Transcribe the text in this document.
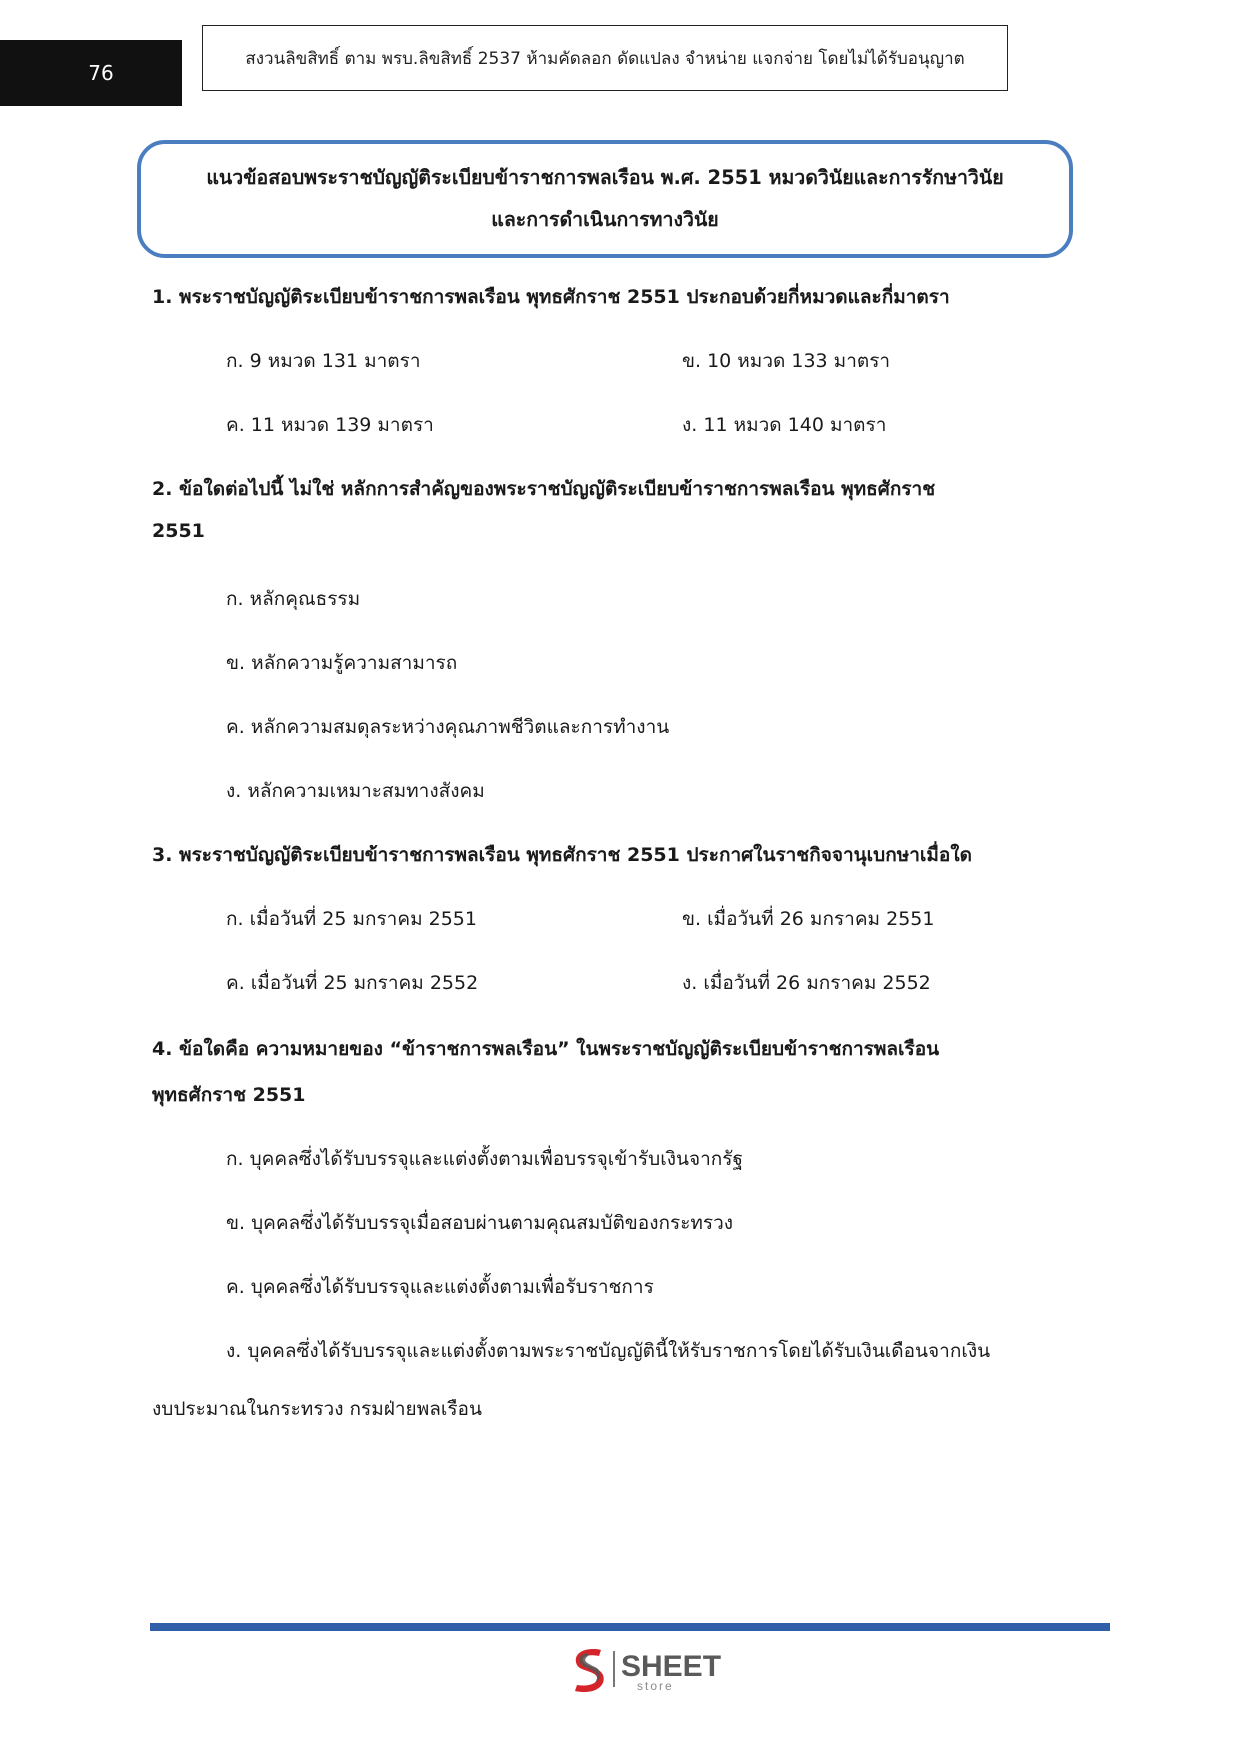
76
สงวนลิขสิทธิ์ ตาม พรบ.ลิขสิทธิ์ 2537 ห้ามคัดลอก ดัดแปลง จำหน่าย แจกจ่าย โดยไม่ได้รับอนุญาต
แนวข้อสอบพระราชบัญญัติระเบียบข้าราชการพลเรือน พ.ศ. 2551 หมวดวินัยและการรักษาวินัย
และการดำเนินการทางวินัย
1. พระราชบัญญัติระเบียบข้าราชการพลเรือน พุทธศักราช 2551 ประกอบด้วยกี่หมวดและกี่มาตรา
ก. 9 หมวด 131 มาตรา	ข. 10 หมวด 133 มาตรา
ค. 11 หมวด 139 มาตรา	ง. 11 หมวด 140 มาตรา
2. ข้อใดต่อไปนี้ ไม่ใช่ หลักการสำคัญของพระราชบัญญัติระเบียบข้าราชการพลเรือน พุทธศักราช
2551
ก. หลักคุณธรรม
ข. หลักความรู้ความสามารถ
ค. หลักความสมดุลระหว่างคุณภาพชีวิตและการทำงาน
ง. หลักความเหมาะสมทางสังคม
3. พระราชบัญญัติระเบียบข้าราชการพลเรือน พุทธศักราช 2551 ประกาศในราชกิจจานุเบกษาเมื่อใด
ก. เมื่อวันที่ 25 มกราคม 2551	ข. เมื่อวันที่ 26 มกราคม 2551
ค. เมื่อวันที่ 25 มกราคม 2552	ง. เมื่อวันที่ 26 มกราคม 2552
4. ข้อใดคือ ความหมายของ “ข้าราชการพลเรือน” ในพระราชบัญญัติระเบียบข้าราชการพลเรือน
พุทธศักราช 2551
ก. บุคคลซึ่งได้รับบรรจุและแต่งตั้งตามเพื่อบรรจุเข้ารับเงินจากรัฐ
ข. บุคคลซึ่งได้รับบรรจุเมื่อสอบผ่านตามคุณสมบัติของกระทรวง
ค. บุคคลซึ่งได้รับบรรจุและแต่งตั้งตามเพื่อรับราชการ
ง. บุคคลซึ่งได้รับบรรจุและแต่งตั้งตามพระราชบัญญัตินี้ให้รับราชการโดยได้รับเงินเดือนจากเงิน
งบประมาณในกระทรวง กรมฝ่ายพลเรือน
SHEET
store
